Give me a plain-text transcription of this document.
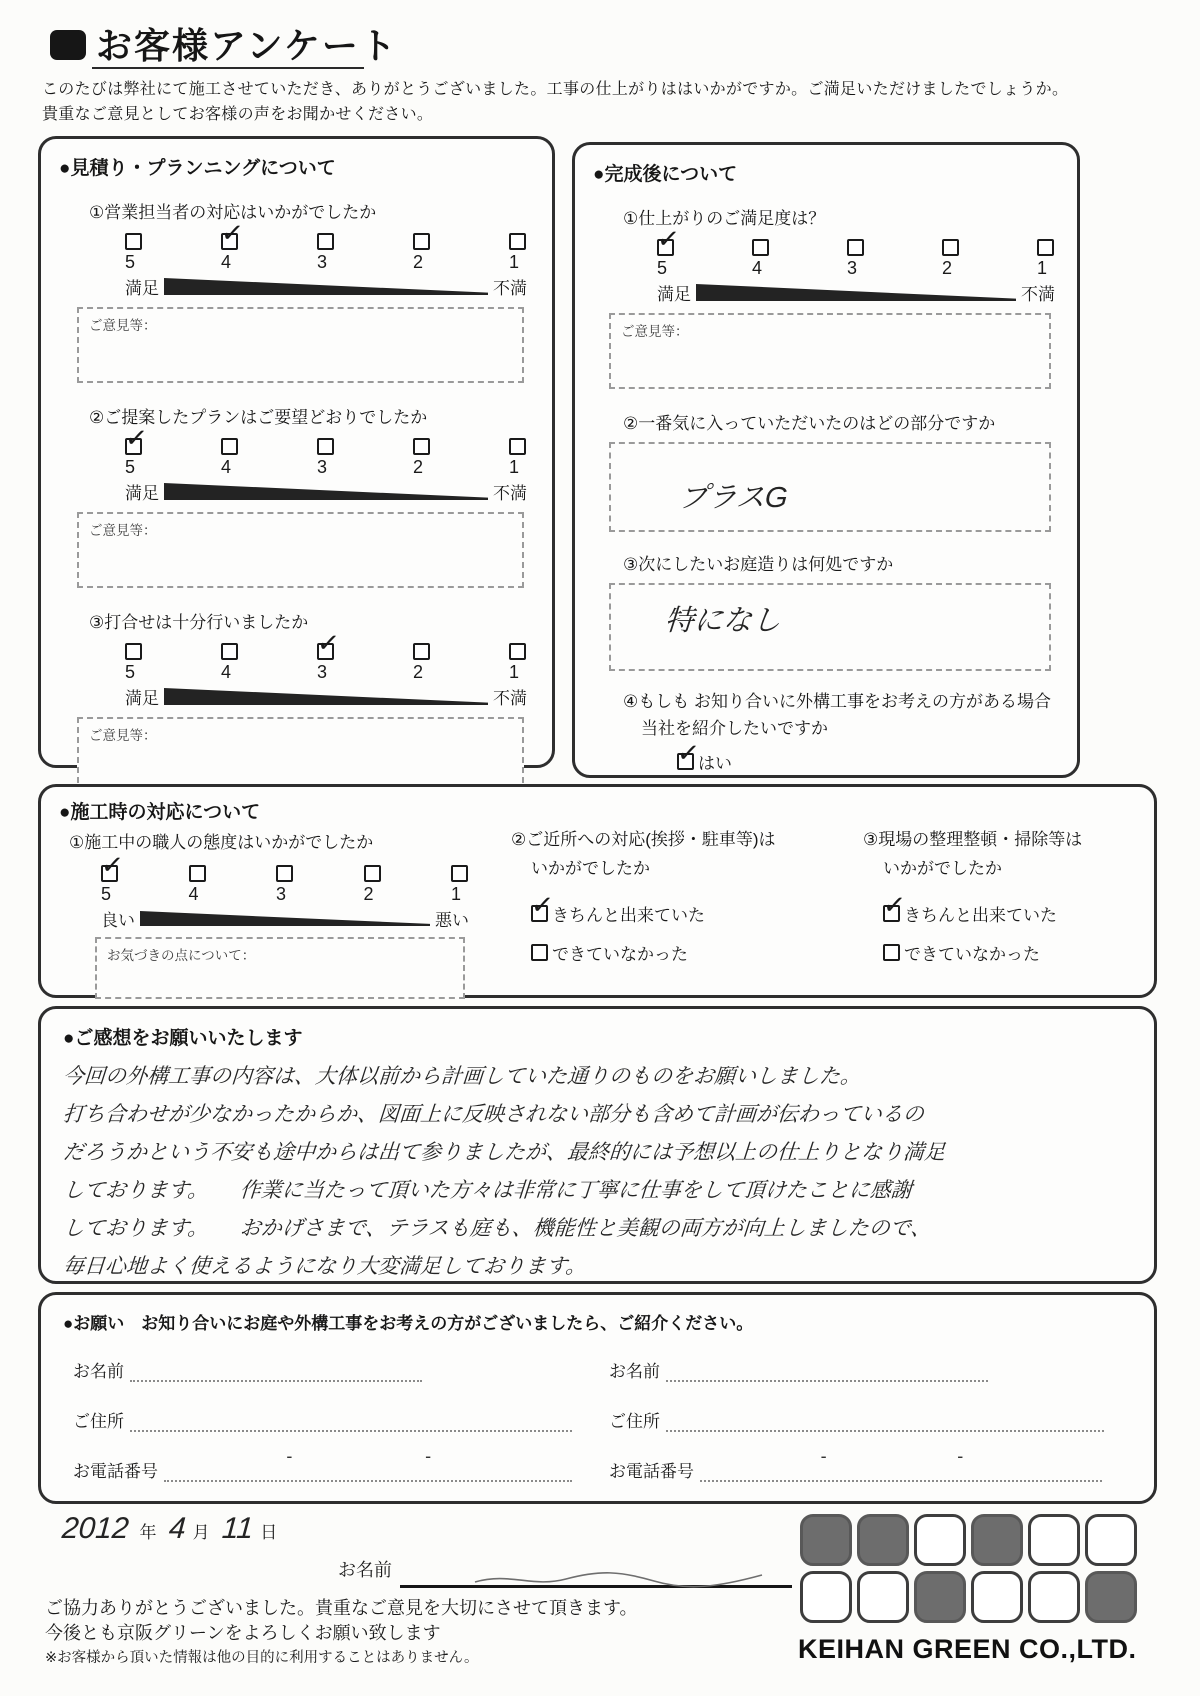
お客様アンケート
このたびは弊社にて施工させていただき、ありがとうございました。工事の仕上がりははいかがですか。ご満足いただけましたでしょうか。
貴重なご意見としてお客様の声をお聞かせください。
●見積り・プランニングについて
①営業担当者の対応はいかがでしたか
5
✓
4	3	2	1
満足	不満
ご意見等：
②ご提案したプランはご要望どおりでしたか
✓
5	4	3	2	1
満足	不満
ご意見等：
③打合せは十分行いましたか
5	4
✓
3	2	1
満足	不満
ご意見等：
●完成後について
①仕上がりのご満足度は？
✓
5	4	3	2	1
満足	不満
ご意見等：
②一番気に入っていただいたのはどの部分ですか
プラスG
③次にしたいお庭造りは何処ですか
特になし
④もしも お知り合いに外構工事をお考えの方がある場合
当社を紹介したいですか
✓
はい
●施工時の対応について
①施工中の職人の態度はいかがでしたか
✓
5	4	3	2	1
良い	悪い
お気づきの点について：
②ご近所への対応(挨拶・駐車等)は
いかがでしたか
✓
きちんと出来ていた
できていなかった
③現場の整理整頓・掃除等は
いかがでしたか
✓
きちんと出来ていた
できていなかった
●ご感想をお願いいたします
今回の外構工事の内容は、大体以前から計画していた通りのものをお願いしました。 打ち合わせが少なかったからか、図面上に反映されない部分も含めて計画が伝わっているの だろうかという不安も途中からは出て参りましたが、最終的には予想以上の仕上りとなり満足 しております。　　作業に当たって頂いた方々は非常に丁寧に仕事をして頂けたことに感謝 しております。　　おかげさまで、テラスも庭も、機能性と美観の両方が向上しましたので、 毎日心地よく使えるようになり大変満足しております。
●お願い　お知り合いにお庭や外構工事をお考えの方がございましたら、ご紹介ください。
お名前
ご住所
お電話番号
-	-
お名前
ご住所
お電話番号
-	-
2012 年 4 月 11 日
お名前
ご協力ありがとうございました。貴重なご意見を大切にさせて頂きます。
今後とも京阪グリーンをよろしくお願い致します
※お客様から頂いた情報は他の目的に利用することはありません。	KEIHAN GREEN CO.,LTD.
